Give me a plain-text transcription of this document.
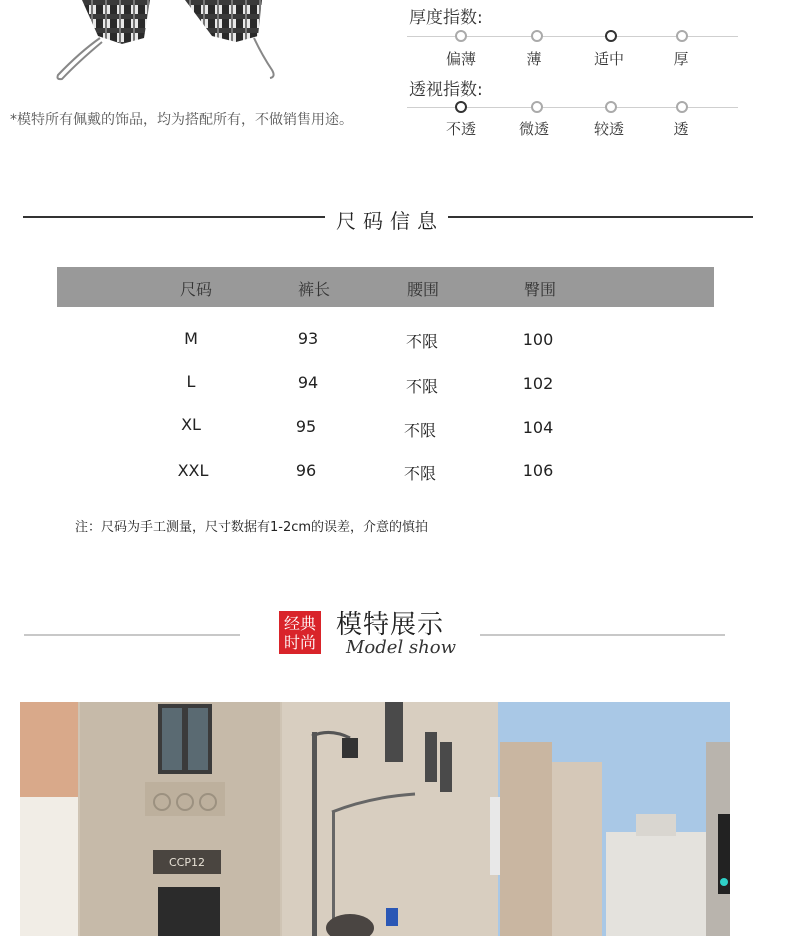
*模特所有佩戴的饰品，均为搭配所有，不做销售用途。
厚度指数:
偏薄	薄	适中	厚
透视指数:
不透	微透	较透	透
尺码信息
尺码	裤长	腰围	臀围
M	93	不限	100
L	94	不限	102
XL	95	不限	104
XXL	96	不限	106
注：尺码为手工测量，尺寸数据有1-2cm的误差，介意的慎拍
经典
时尚
模特展示
Model show
CCP12
